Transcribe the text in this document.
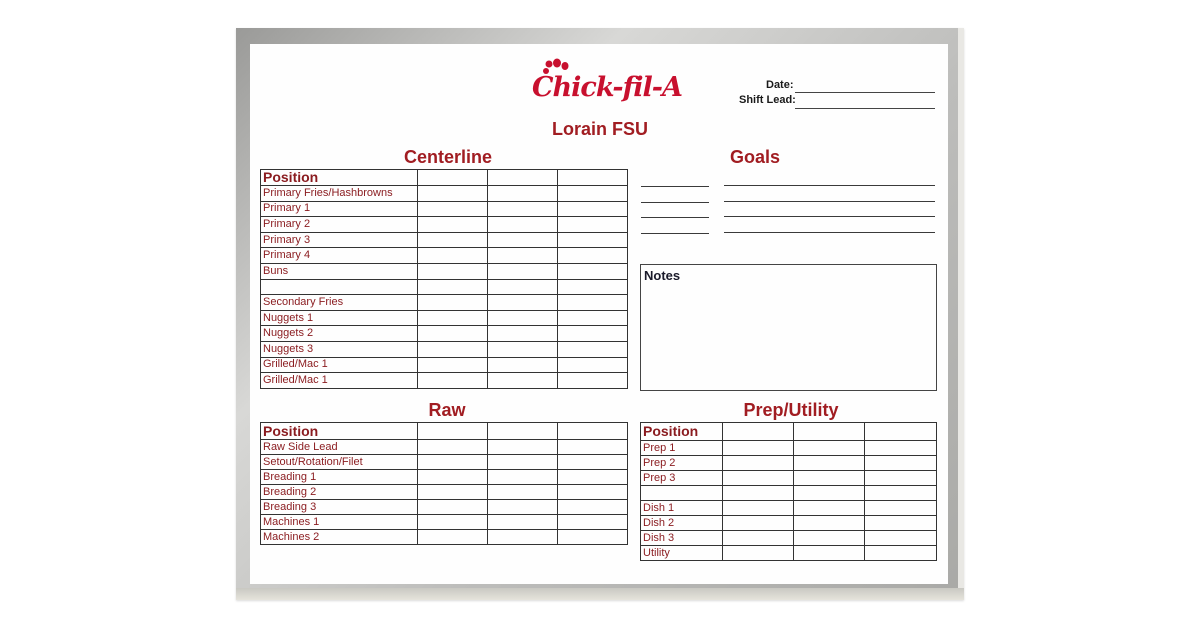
Chick-fil-A
Lorain FSU
Date:
Shift Lead:
Centerline
Position			
Primary Fries/Hashbrowns			
Primary 1			
Primary 2			
Primary 3			
Primary 4			
Buns			

Secondary Fries			
Nuggets 1			
Nuggets 2			
Nuggets 3			
Grilled/Mac 1			
Grilled/Mac 1			
Goals
Notes
Raw
Position			
Raw Side Lead			
Setout/Rotation/Filet			
Breading 1			
Breading 2			
Breading 3			
Machines 1			
Machines 2			
Prep/Utility
Position			
Prep 1			
Prep 2			
Prep 3			

Dish 1			
Dish 2			
Dish 3			
Utility			
